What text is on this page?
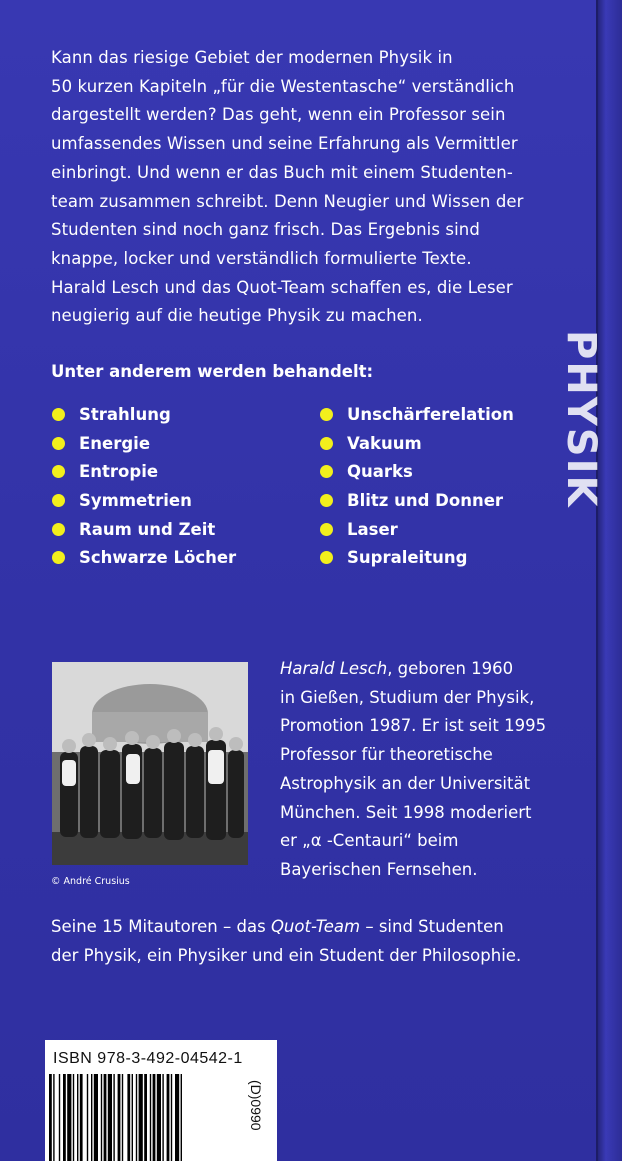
PHYSIK

Kann das riesige Gebiet der modernen Physik in

50 kurzen Kapiteln „für die Westentasche“ verständlich

dargestellt werden? Das geht, wenn ein Professor sein

umfassendes Wissen und seine Erfahrung als Vermittler

einbringt. Und wenn er das Buch mit einem Studenten-

team zusammen schreibt. Denn Neugier und Wissen der

Studenten sind noch ganz frisch. Das Ergebnis sind

knappe, locker und verständlich formulierte Texte.

Harald Lesch und das Quot-Team schaffen es, die Leser

neugierig auf die heutige Physik zu machen.

Unter anderem werden behandelt:
Strahlung
Energie
Entropie
Symmetrien
Raum und Zeit
Schwarze Löcher
Unschärferelation
Vakuum
Quarks
Blitz und Donner
Laser
Supraleitung
© André Crusius

Harald Lesch, geboren 1960

in Gießen, Studium der Physik,

Promotion 1987. Er ist seit 1995

Professor für theoretische

Astrophysik an der Universität

München. Seit 1998 moderiert

er „α -Centauri“ beim

Bayerischen Fernsehen.

Seine 15 Mitautoren – das Quot-Team – sind Studenten

der Physik, ein Physiker und ein Student der Philosophie.

ISBN 978-3-492-04542-1
(D)0990
